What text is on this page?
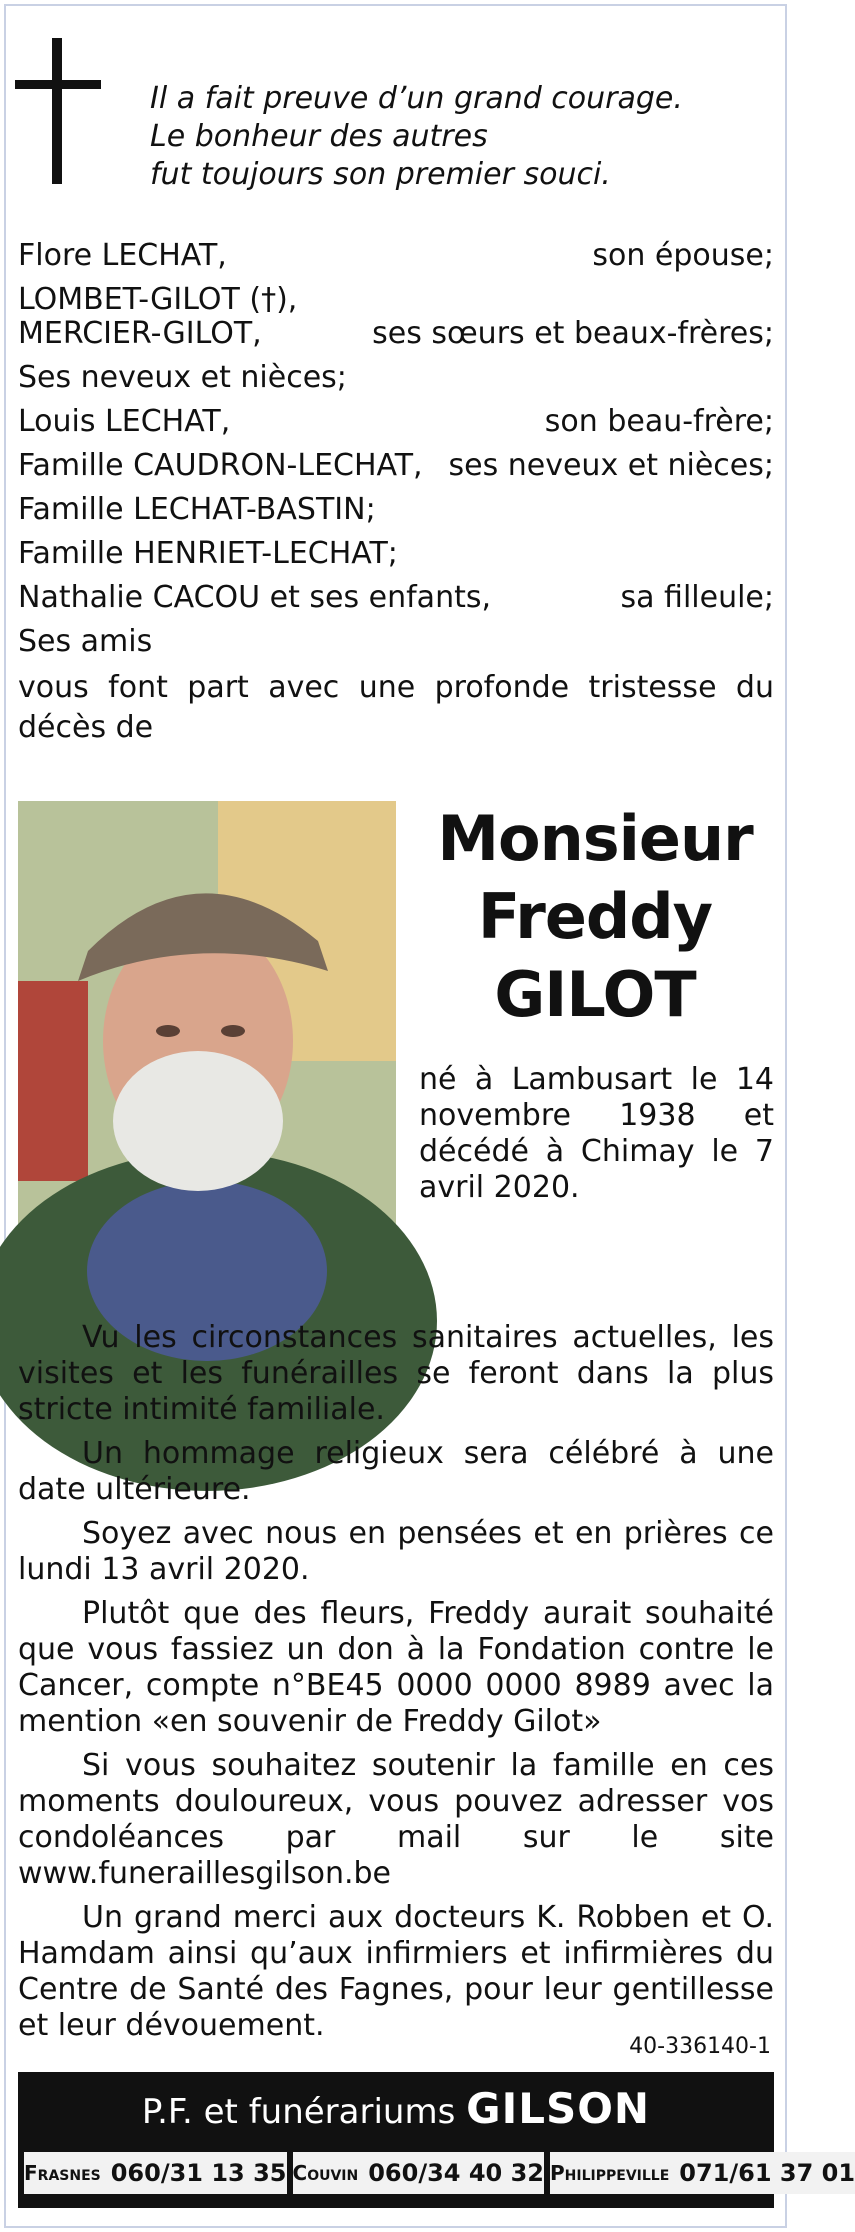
Il a fait preuve d’un grand courage.
Le bonheur des autres
fut toujours son premier souci.
Flore LECHAT,	son épouse;
LOMBET-GILOT (†),
MERCIER-GILOT,	ses sœurs et beaux-frères;
Ses neveux et nièces;
Louis LECHAT,	son beau-frère;
Famille CAUDRON-LECHAT, ses neveux et nièces;
Famille LECHAT-BASTIN;
Famille HENRIET-LECHAT;
Nathalie CACOU et ses enfants,	sa filleule;
Ses amis
vous font part avec une profonde tristesse du décès de
Monsieur
Freddy
GILOT
né à Lambusart le 14 novembre 1938 et décédé à Chimay le 7 avril 2020.

Vu les circonstances sanitaires actuelles, les visites et les funérailles se feront dans la plus stricte intimité familiale.

Un hommage religieux sera célébré à une date ultérieure.

Soyez avec nous en pensées et en prières ce lundi 13 avril 2020.

Plutôt que des fleurs, Freddy aurait souhaité que vous fassiez un don à la Fondation contre le Cancer, compte n°BE45 0000 0000 8989 avec la mention «en souvenir de Freddy Gilot»

Si vous souhaitez soutenir la famille en ces moments douloureux, vous pouvez adresser vos condoléances par mail sur le site www.funeraillesgilson.be

Un grand merci aux docteurs K. Robben et O. Hamdam ainsi qu’aux infirmiers et infirmières du Centre de Santé des Fagnes, pour leur gentillesse et leur dévouement.

40-336140-1
P.F. et funérariums GILSON
Frasnes 060/31 13 35 Couvin 060/34 40 32 Philippeville 071/61 37 01
